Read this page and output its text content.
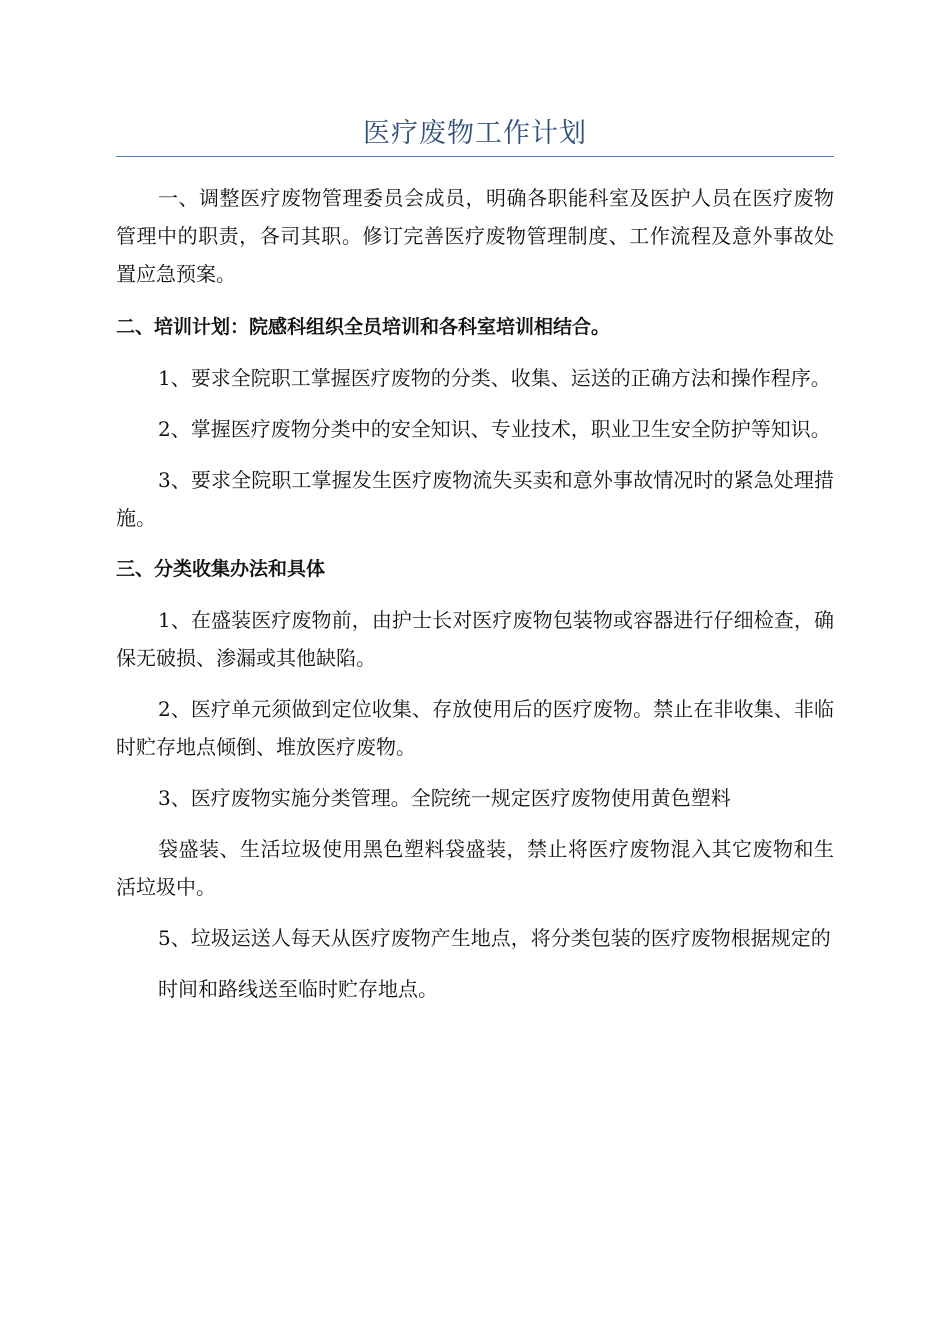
医疗废物工作计划

一、调整医疗废物管理委员会成员，明确各职能科室及医护人员在医疗废物管理中的职责，各司其职。修订完善医疗废物管理制度、工作流程及意外事故处置应急预案。

二、培训计划：院感科组织全员培训和各科室培训相结合。

1、要求全院职工掌握医疗废物的分类、收集、运送的正确方法和操作程序。

2、掌握医疗废物分类中的安全知识、专业技术，职业卫生安全防护等知识。

3、要求全院职工掌握发生医疗废物流失买卖和意外事故情况时的紧急处理措施。

三、分类收集办法和具体

1、在盛装医疗废物前，由护士长对医疗废物包装物或容器进行仔细检查，确保无破损、渗漏或其他缺陷。

2、医疗单元须做到定位收集、存放使用后的医疗废物。禁止在非收集、非临时贮存地点倾倒、堆放医疗废物。

3、医疗废物实施分类管理。全院统一规定医疗废物使用黄色塑料

袋盛装、生活垃圾使用黑色塑料袋盛装，禁止将医疗废物混入其它废物和生活垃圾中。

5、垃圾运送人每天从医疗废物产生地点，将分类包装的医疗废物根据规定的

时间和路线送至临时贮存地点。
